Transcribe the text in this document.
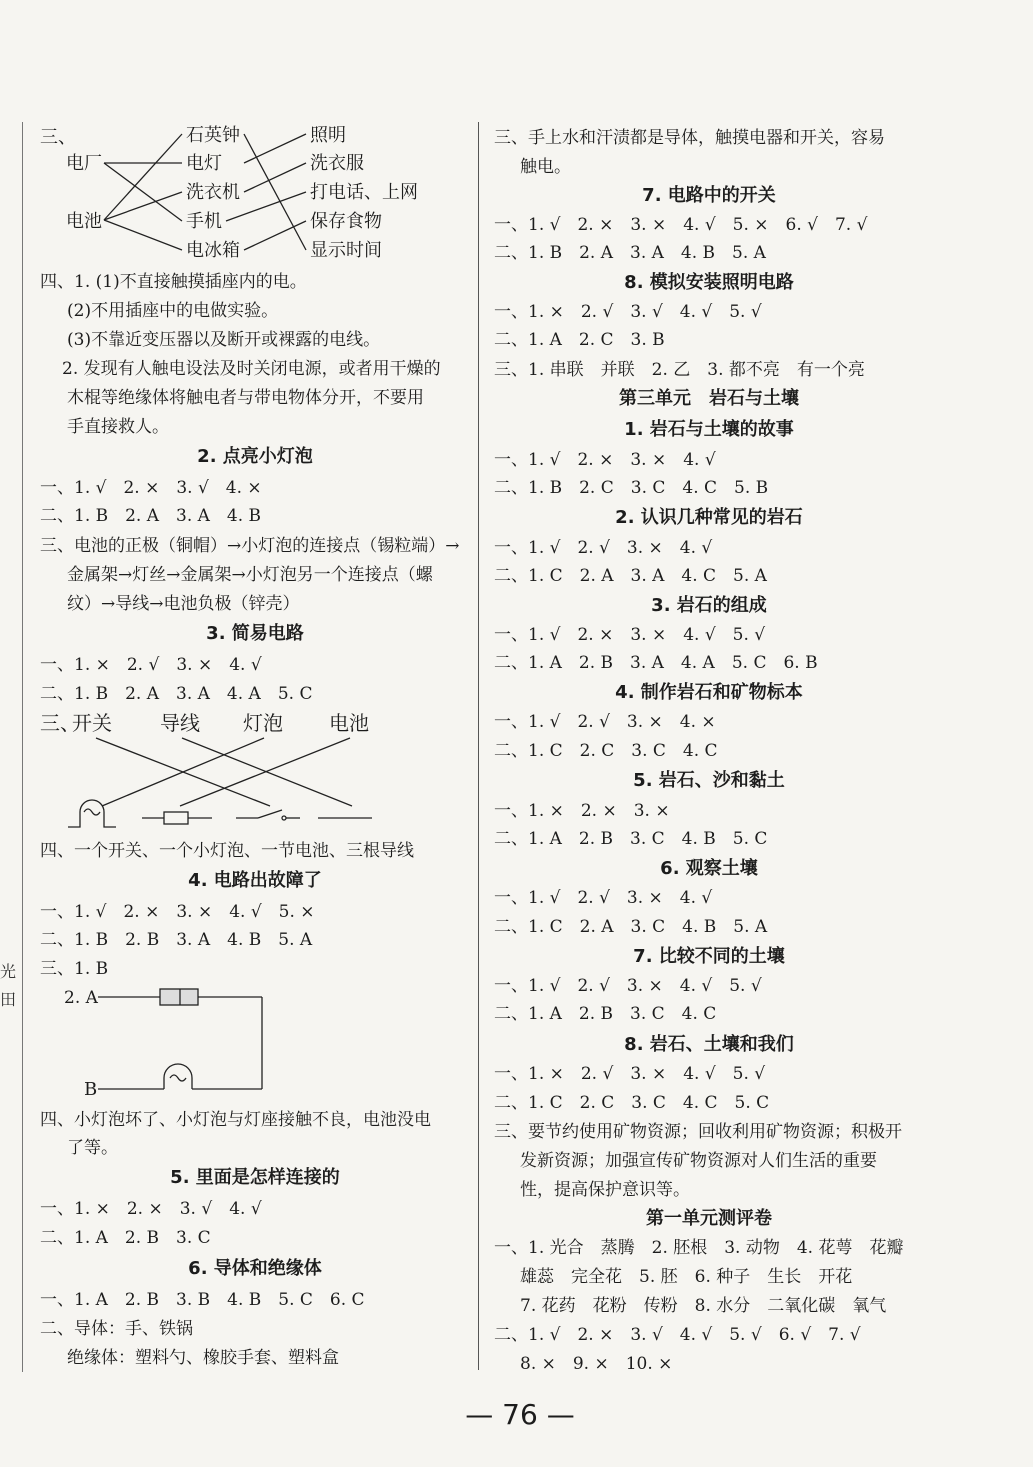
光
田
三、
电厂
电池
石英钟
电灯
洗衣机
手机
电冰箱
照明
洗衣服
打电话、上网
保存食物
显示时间
四、1. (1)不直接触摸插座内的电。
(2)不用插座中的电做实验。
(3)不靠近变压器以及断开或裸露的电线。
2. 发现有人触电设法及时关闭电源，或者用干燥的
木棍等绝缘体将触电者与带电物体分开，不要用
手直接救人。
2. 点亮小灯泡
一、1. √　2. ×　3. √　4. ×
二、1. B　2. A　3. A　4. B
三、电池的正极（铜帽）→小灯泡的连接点（锡粒端）→
金属架→灯丝→金属架→小灯泡另一个连接点（螺
纹）→导线→电池负极（锌壳）
3. 简易电路
一、1. ×　2. √　3. ×　4. √
二、1. B　2. A　3. A　4. A　5. C
三、
开关 导线 灯泡 电池
四、一个开关、一个小灯泡、一节电池、三根导线
4. 电路出故障了
一、1. √　2. ×　3. ×　4. √　5. ×
二、1. B　2. B　3. A　4. B　5. A
三、1. B
2. A
B
四、小灯泡坏了、小灯泡与灯座接触不良，电池没电
了等。
5. 里面是怎样连接的
一、1. ×　2. ×　3. √　4. √
二、1. A　2. B　3. C
6. 导体和绝缘体
一、1. A　2. B　3. B　4. B　5. C　6. C
二、导体：手、铁锅
绝缘体：塑料勺、橡胶手套、塑料盒
三、手上水和汗渍都是导体，触摸电器和开关，容易
触电。
7. 电路中的开关
一、1. √　2. ×　3. ×　4. √　5. ×　6. √　7. √
二、1. B　2. A　3. A　4. B　5. A
8. 模拟安装照明电路
一、1. ×　2. √　3. √　4. √　5. √
二、1. A　2. C　3. B
三、1. 串联　并联　2. 乙　3. 都不亮　有一个亮
第三单元　岩石与土壤
1. 岩石与土壤的故事
一、1. √　2. ×　3. ×　4. √
二、1. B　2. C　3. C　4. C　5. B
2. 认识几种常见的岩石
一、1. √　2. √　3. ×　4. √
二、1. C　2. A　3. A　4. C　5. A
3. 岩石的组成
一、1. √　2. ×　3. ×　4. √　5. √
二、1. A　2. B　3. A　4. A　5. C　6. B
4. 制作岩石和矿物标本
一、1. √　2. √　3. ×　4. ×
二、1. C　2. C　3. C　4. C
5. 岩石、沙和黏土
一、1. ×　2. ×　3. ×
二、1. A　2. B　3. C　4. B　5. C
6. 观察土壤
一、1. √　2. √　3. ×　4. √
二、1. C　2. A　3. C　4. B　5. A
7. 比较不同的土壤
一、1. √　2. √　3. ×　4. √　5. √
二、1. A　2. B　3. C　4. C
8. 岩石、土壤和我们
一、1. ×　2. √　3. ×　4. √　5. √
二、1. C　2. C　3. C　4. C　5. C
三、要节约使用矿物资源；回收利用矿物资源；积极开
发新资源；加强宣传矿物资源对人们生活的重要
性，提高保护意识等。
第一单元测评卷
一、1. 光合　蒸腾　2. 胚根　3. 动物　4. 花萼　花瓣
雄蕊　完全花　5. 胚　6. 种子　生长　开花
7. 花药　花粉　传粉　8. 水分　二氧化碳　氧气
二、1. √　2. ×　3. √　4. √　5. √　6. √　7. √
8. ×　9. ×　10. ×
— 76 —
